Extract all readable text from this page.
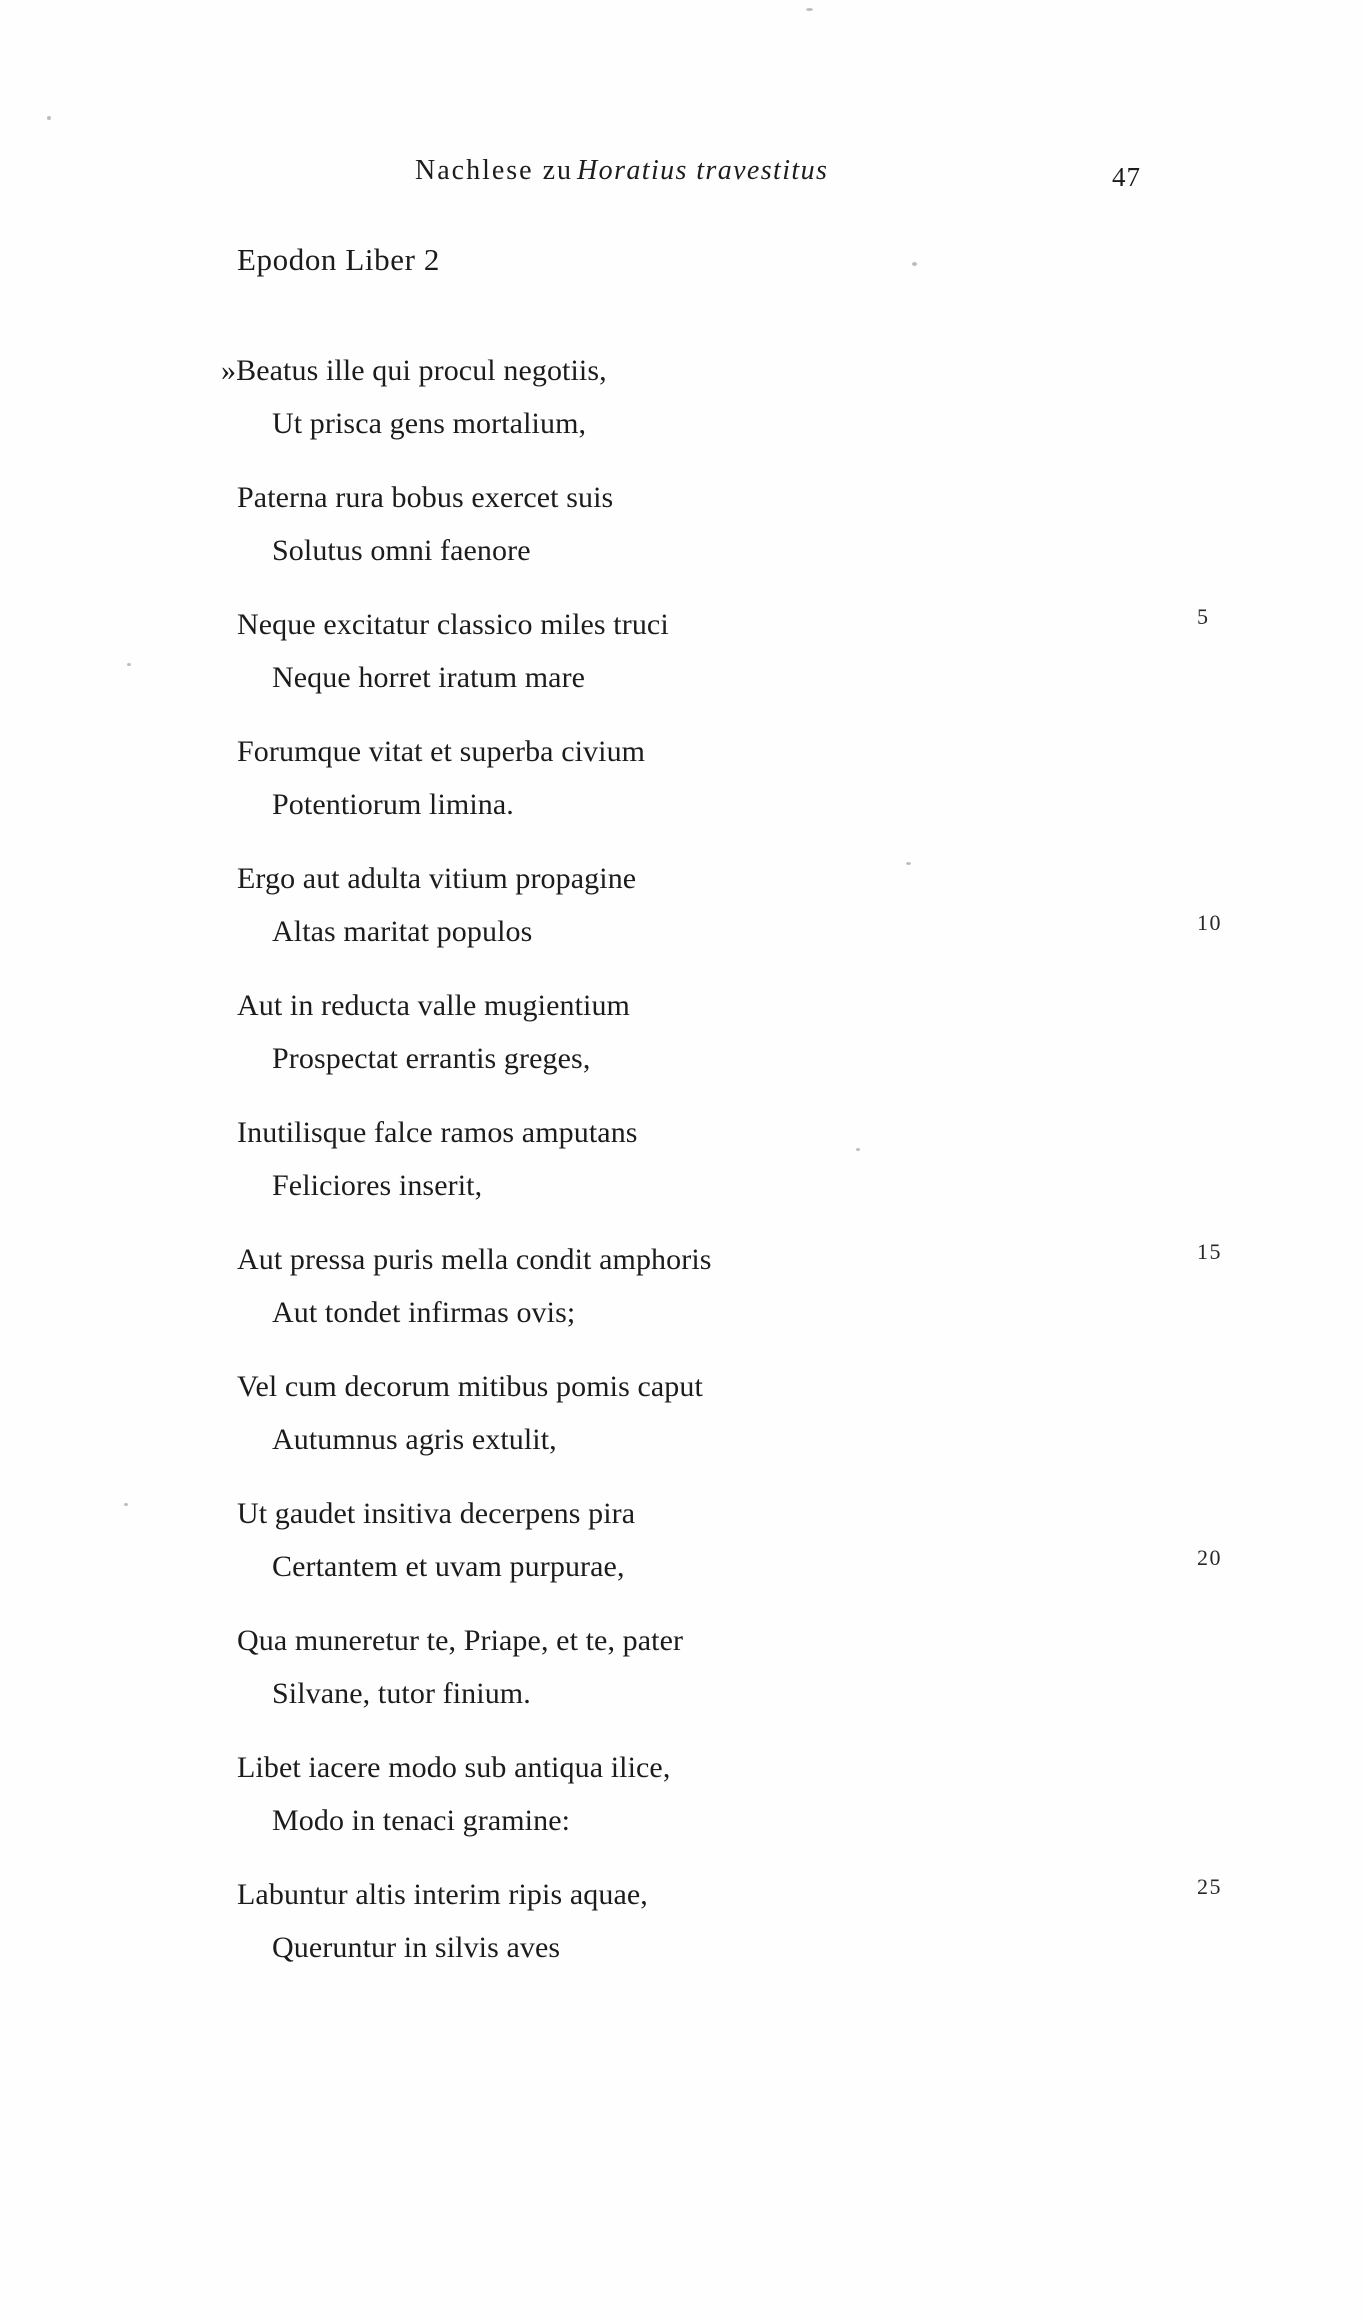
Nachlese zu Horatius travestitus	47
Epodon Liber 2
»Beatus ille qui procul negotiis,
Ut prisca gens mortalium,
Paterna rura bobus exercet suis
Solutus omni faenore
Neque excitatur classico miles truci
Neque horret iratum mare
5
Forumque vitat et superba civium
Potentiorum limina.
Ergo aut adulta vitium propagine
Altas maritat populos	10
Aut in reducta valle mugientium
Prospectat errantis greges,
Inutilisque falce ramos amputans
Feliciores inserit,
Aut pressa puris mella condit amphoris
Aut tondet infirmas ovis;
15
Vel cum decorum mitibus pomis caput
Autumnus agris extulit,
Ut gaudet insitiva decerpens pira
Certantem et uvam purpurae,	20
Qua muneretur te, Priape, et te, pater
Silvane, tutor finium.
Libet iacere modo sub antiqua ilice,
Modo in tenaci gramine:
Labuntur altis interim ripis aquae,
Queruntur in silvis aves
25
